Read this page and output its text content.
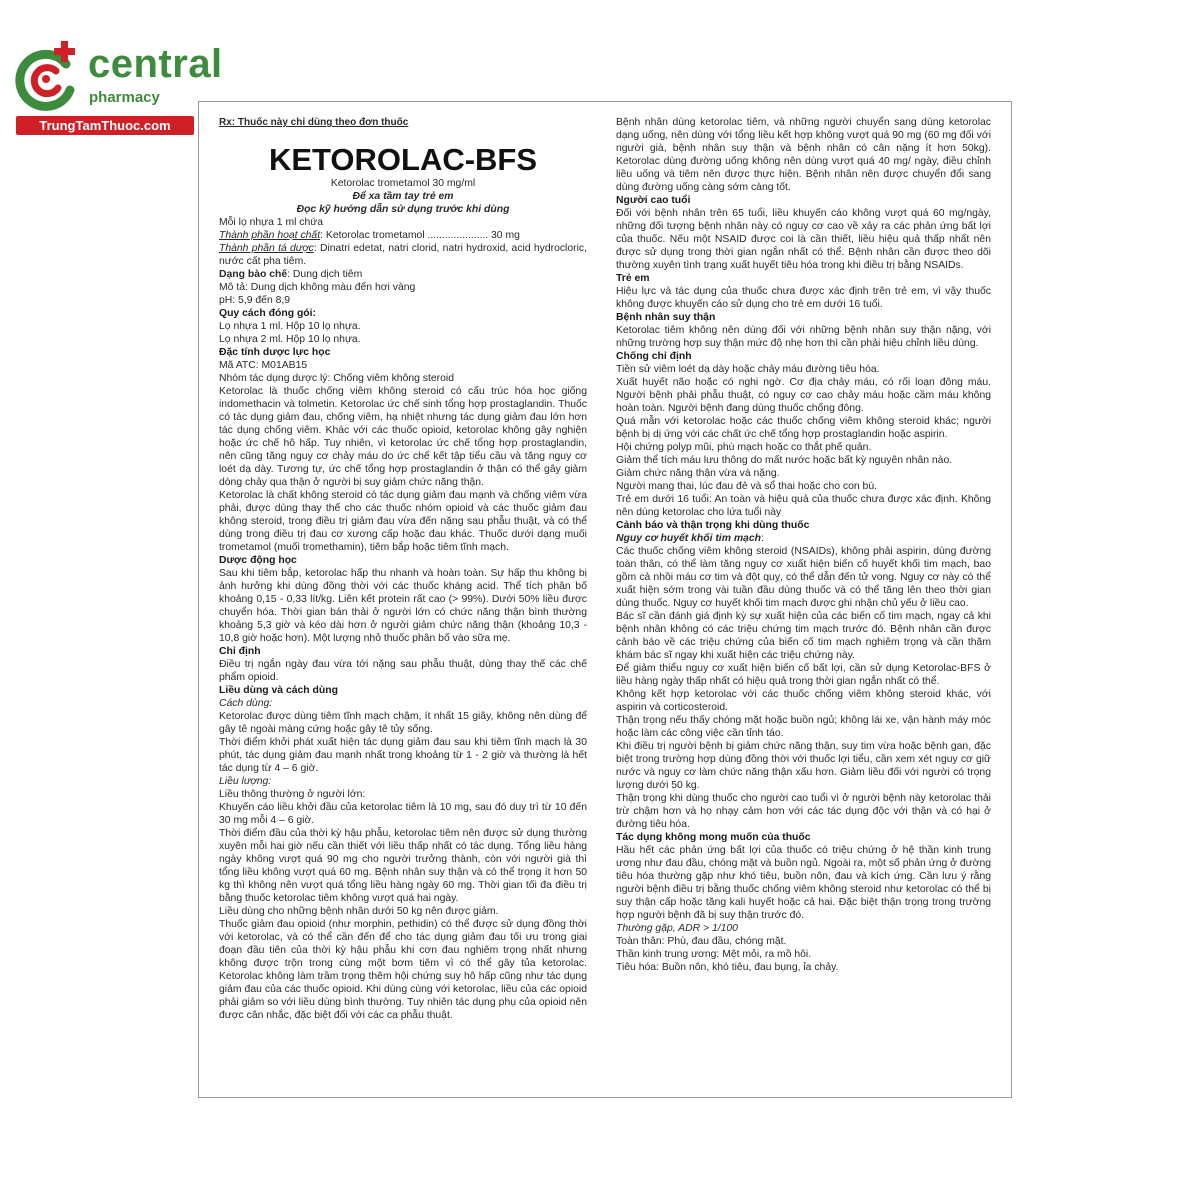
central
pharmacy
TrungTamThuoc.com	Rx: Thuốc này chỉ dùng theo đơn thuốc

KETOROLAC-BFS

Ketorolac trometamol 30 mg/ml

Để xa tầm tay trẻ em

Đọc kỹ hướng dẫn sử dụng trước khi dùng

Mỗi lọ nhựa 1 ml chứa

Thành phần hoạt chất: Ketorolac trometamol ..................... 30 mg

Thành phần tá dược: Dinatri edetat, natri clorid, natri hydroxid, acid hydrocloric, nước cất pha tiêm.

Dạng bào chế: Dung dịch tiêm

Mô tả: Dung dịch không màu đến hơi vàng

pH: 5,9 đến 8,9

Quy cách đóng gói:

Lọ nhựa 1 ml. Hộp 10 lọ nhựa.

Lọ nhựa 2 ml. Hộp 10 lọ nhựa.

Đặc tính dược lực học

Mã ATC: M01AB15

Nhóm tác dụng dược lý: Chống viêm không steroid

Ketorolac là thuốc chống viêm không steroid có cấu trúc hóa học giống indomethacin và tolmetin. Ketorolac ức chế sinh tổng hợp prostaglandin. Thuốc có tác dụng giảm đau, chống viêm, hạ nhiệt nhưng tác dụng giảm đau lớn hơn tác dụng chống viêm. Khác với các thuốc opioid, ketorolac không gây nghiện hoặc ức chế hô hấp. Tuy nhiên, vì ketorolac ức chế tổng hợp prostaglandin, nên cũng tăng nguy cơ chảy máu do ức chế kết tập tiểu cầu và tăng nguy cơ loét dạ dày. Tương tự, ức chế tổng hợp prostaglandin ở thận có thể gây giảm dòng chảy qua thận ở người bị suy giảm chức năng thận.

Ketorolac là chất không steroid có tác dụng giảm đau mạnh và chống viêm vừa phải, được dùng thay thế cho các thuốc nhóm opioid và các thuốc giảm đau không steroid, trong điều trị giảm đau vừa đến nặng sau phẫu thuật, và có thể dùng trong điều trị đau cơ xương cấp hoặc đau khác. Thuốc dưới dạng muối trometamol (muối tromethamin), tiêm bắp hoặc tiêm tĩnh mạch.

Dược động học

Sau khi tiêm bắp, ketorolac hấp thu nhanh và hoàn toàn. Sự hấp thu không bị ảnh hưởng khi dùng đồng thời với các thuốc kháng acid. Thể tích phân bố khoảng 0,15 - 0,33 lít/kg. Liên kết protein rất cao (> 99%). Dưới 50% liều được chuyển hóa. Thời gian bán thải ở người lớn có chức năng thận bình thường khoảng 5,3 giờ và kéo dài hơn ở người giảm chức năng thận (khoảng 10,3 - 10,8 giờ hoặc hơn). Một lượng nhỏ thuốc phân bố vào sữa mẹ.

Chỉ định

Điều trị ngắn ngày đau vừa tới nặng sau phẫu thuật, dùng thay thế các chế phẩm opioid.

Liều dùng và cách dùng

Cách dùng:

Ketorolac được dùng tiêm tĩnh mạch chậm, ít nhất 15 giây, không nên dùng để gây tê ngoài màng cứng hoặc gây tê tủy sống.

Thời điểm khởi phát xuất hiện tác dụng giảm đau sau khi tiêm tĩnh mạch là 30 phút, tác dụng giảm đau mạnh nhất trong khoảng từ 1 - 2 giờ và thường là hết tác dụng từ 4 – 6 giờ.

Liều lượng:

Liều thông thường ở người lớn:

Khuyến cáo liều khởi đầu của ketorolac tiêm là 10 mg, sau đó duy trì từ 10 đến 30 mg mỗi 4 – 6 giờ.

Thời điểm đầu của thời kỳ hậu phẫu, ketorolac tiêm nên được sử dụng thường xuyên mỗi hai giờ nếu cần thiết với liều thấp nhất có tác dụng. Tổng liều hàng ngày không vượt quá 90 mg cho người trưởng thành, còn với người già thì tổng liều không vượt quá 60 mg. Bệnh nhân suy thận và có thể trọng ít hơn 50 kg thì không nên vượt quá tổng liều hàng ngày 60 mg. Thời gian tối đa điều trị bằng thuốc ketorolac tiêm không vượt quá hai ngày.

Liều dùng cho những bệnh nhân dưới 50 kg nên được giảm.

Thuốc giảm đau opioid (như morphin, pethidin) có thể được sử dụng đồng thời với ketorolac, và có thể cần đến để cho tác dụng giảm đau tối ưu trong giai đoạn đầu tiên của thời kỳ hậu phẫu khi cơn đau nghiêm trọng nhất nhưng không được trộn trong cùng một bơm tiêm vì có thể gây tủa ketorolac. Ketorolac không làm trầm trọng thêm hội chứng suy hô hấp cũng như tác dụng giảm đau của các thuốc opioid. Khi dùng cùng với ketorolac, liều của các opioid phải giảm so với liều dùng bình thường. Tuy nhiên tác dụng phụ của opioid nên được cân nhắc, đặc biệt đối với các ca phẫu thuật.

Bệnh nhân dùng ketorolac tiêm, và những người chuyển sang dùng ketorolac dạng uống, nên dùng với tổng liều kết hợp không vượt quá 90 mg (60 mg đối với người già, bệnh nhân suy thận và bệnh nhân có cân nặng ít hơn 50kg). Ketorolac dùng đường uống không nên dùng vượt quá 40 mg/ ngày, điều chỉnh liều uống và tiêm nên được thực hiện. Bệnh nhân nên được chuyển đổi sang dùng đường uống càng sớm càng tốt.

Người cao tuổi

Đối với bệnh nhân trên 65 tuổi, liều khuyến cáo không vượt quá 60 mg/ngày, những đối tượng bệnh nhân này có nguy cơ cao về xảy ra các phản ứng bất lợi của thuốc. Nếu một NSAID được coi là cần thiết, liều hiệu quả thấp nhất nên được sử dụng trong thời gian ngắn nhất có thể. Bệnh nhân cần được theo dõi thường xuyên tình trạng xuất huyết tiêu hóa trong khi điều trị bằng NSAIDs.

Trẻ em

Hiệu lực và tác dụng của thuốc chưa được xác định trên trẻ em, vì vậy thuốc không được khuyến cáo sử dụng cho trẻ em dưới 16 tuổi.

Bệnh nhân suy thận

Ketorolac tiêm không nên dùng đối với những bệnh nhân suy thận nặng, với những trường hợp suy thận mức độ nhẹ hơn thì cần phải hiệu chỉnh liều dùng.

Chống chỉ định

Tiền sử viêm loét dạ dày hoặc chảy máu đường tiêu hóa.

Xuất huyết não hoặc có nghi ngờ. Cơ địa chảy máu, có rối loạn đông máu. Người bệnh phải phẫu thuật, có nguy cơ cao chảy máu hoặc cầm máu không hoàn toàn. Người bệnh đang dùng thuốc chống đông.

Quá mẫn với ketorolac hoặc các thuốc chống viêm không steroid khác; người bệnh bị dị ứng với các chất ức chế tổng hợp prostaglandin hoặc aspirin.

Hội chứng polyp mũi, phù mạch hoặc co thắt phế quản.

Giảm thể tích máu lưu thông do mất nước hoặc bất kỳ nguyên nhân nào.

Giảm chức năng thận vừa và nặng.

Người mang thai, lúc đau đẻ và sổ thai hoặc cho con bú.

Trẻ em dưới 16 tuổi: An toàn và hiệu quả của thuốc chưa được xác định. Không nên dùng ketorolac cho lứa tuổi này

Cảnh báo và thận trọng khi dùng thuốc

Nguy cơ huyết khối tim mạch:

Các thuốc chống viêm không steroid (NSAIDs), không phải aspirin, dùng đường toàn thân, có thể làm tăng nguy cơ xuất hiện biến cố huyết khối tim mạch, bao gồm cả nhồi máu cơ tim và đột quỵ, có thể dẫn đến tử vong. Nguy cơ này có thể xuất hiện sớm trong vài tuần đầu dùng thuốc và có thể tăng lên theo thời gian dùng thuốc. Nguy cơ huyết khối tim mạch được ghi nhận chủ yếu ở liều cao.

Bác sĩ cần đánh giá định kỳ sự xuất hiện của các biến cố tim mạch, ngay cả khi bệnh nhân không có các triệu chứng tim mạch trước đó. Bệnh nhân cần được cảnh báo về các triệu chứng của biến cố tim mạch nghiêm trọng và cần thăm khám bác sĩ ngay khi xuất hiện các triệu chứng này.

Để giảm thiểu nguy cơ xuất hiện biến cố bất lợi, cần sử dụng Ketorolac-BFS ở liều hàng ngày thấp nhất có hiệu quả trong thời gian ngắn nhất có thể.

Không kết hợp ketorolac với các thuốc chống viêm không steroid khác, với aspirin và corticosteroid.

Thận trọng nếu thấy chóng mặt hoặc buồn ngủ; không lái xe, vận hành máy móc hoặc làm các công việc cần tỉnh táo.

Khi điều trị người bệnh bị giảm chức năng thận, suy tim vừa hoặc bệnh gan, đặc biệt trong trường hợp dùng đồng thời với thuốc lợi tiểu, cần xem xét nguy cơ giữ nước và nguy cơ làm chức năng thận xấu hơn. Giảm liều đối với người có trọng lượng dưới 50 kg.

Thận trọng khi dùng thuốc cho người cao tuổi vì ở người bệnh này ketorolac thải trừ chậm hơn và họ nhạy cảm hơn với các tác dụng độc với thận và có hại ở đường tiêu hóa.

Tác dụng không mong muốn của thuốc

Hầu hết các phản ứng bất lợi của thuốc có triệu chứng ở hệ thần kinh trung ương như đau đầu, chóng mặt và buồn ngủ. Ngoài ra, một số phản ứng ở đường tiêu hóa thường gặp như khó tiêu, buồn nôn, đau và kích ứng. Cần lưu ý rằng người bệnh điều trị bằng thuốc chống viêm không steroid như ketorolac có thể bị suy thận cấp hoặc tăng kali huyết hoặc cả hai. Đặc biệt thận trọng trong trường hợp người bệnh đã bị suy thận trước đó.

Thường gặp, ADR > 1/100

Toàn thân: Phù, đau đầu, chóng mặt.

Thần kinh trung ương: Mệt mỏi, ra mồ hôi.

Tiêu hóa: Buồn nôn, khó tiêu, đau bụng, ỉa chảy.
